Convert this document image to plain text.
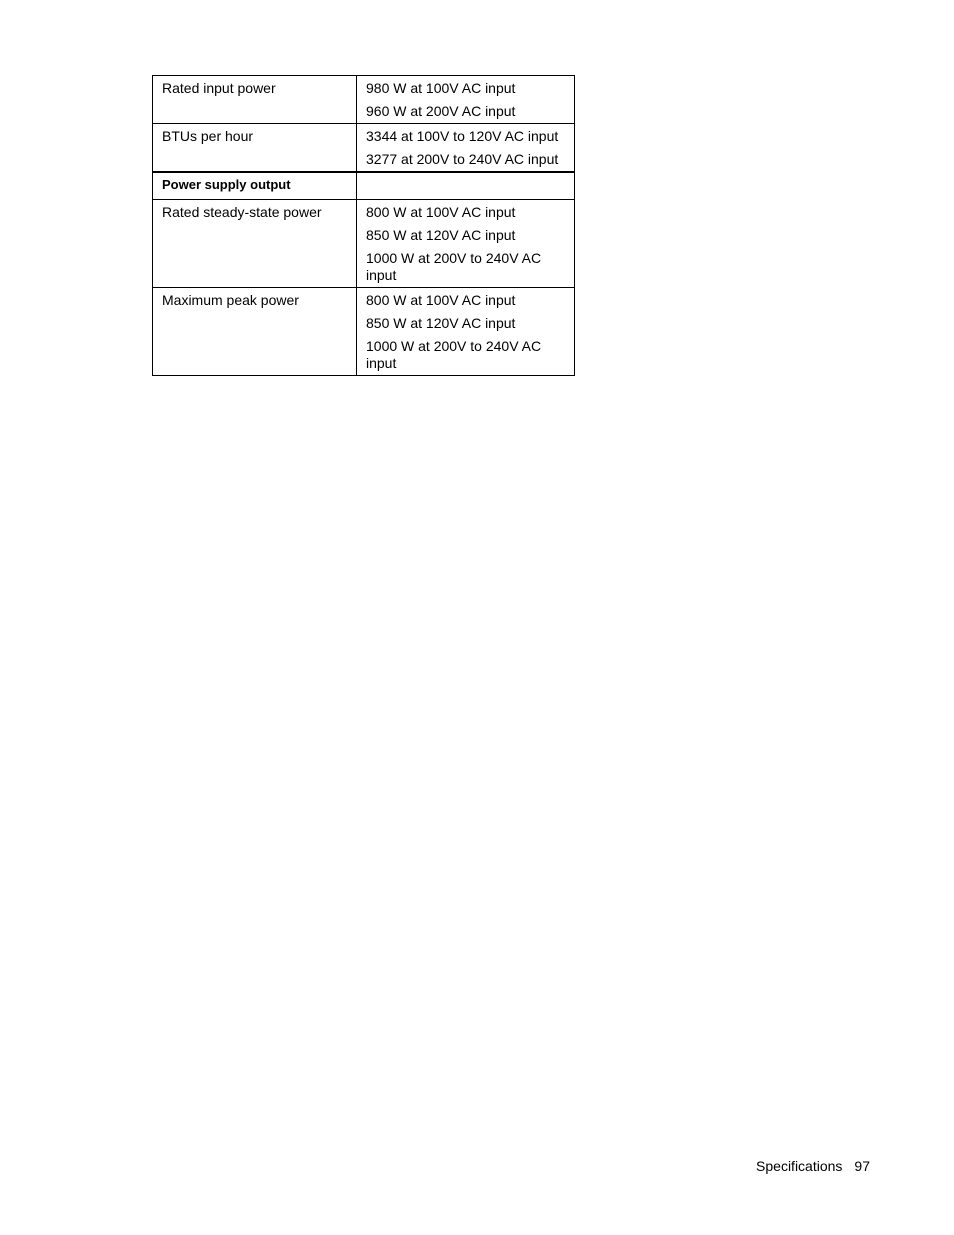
Rated input power	980 W at 100V AC input
960 W at 200V AC input

BTUs per hour	3344 at 100V to 120V AC input
3277 at 200V to 240V AC input

Power supply output	
Rated steady-state power	800 W at 100V AC input
850 W at 120V AC input
1000 W at 200V to 240V AC input

Maximum peak power	800 W at 100V AC input
850 W at 120V AC input
1000 W at 200V to 240V AC input
Specifications 97
